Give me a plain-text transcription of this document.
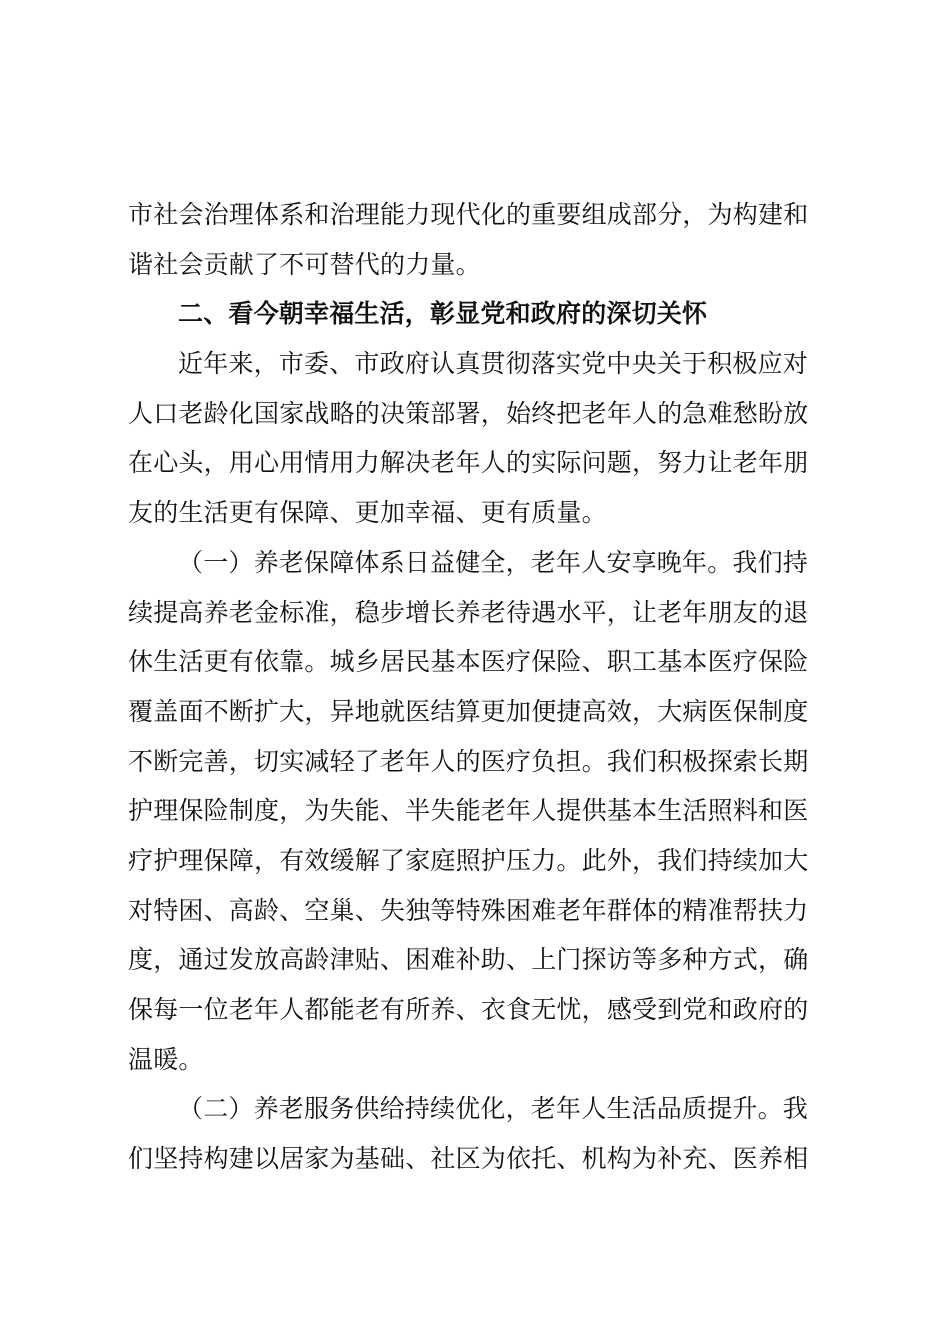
市社会治理体系和治理能力现代化的重要组成部分，为构建和
谐社会贡献了不可替代的力量。

二、看今朝幸福生活，彰显党和政府的深切关怀

近年来，市委、市政府认真贯彻落实党中央关于积极应对
人口老龄化国家战略的决策部署，始终把老年人的急难愁盼放
在心头，用心用情用力解决老年人的实际问题，努力让老年朋
友的生活更有保障、更加幸福、更有质量。

（一）养老保障体系日益健全，老年人安享晚年。我们持
续提高养老金标准，稳步增长养老待遇水平，让老年朋友的退
休生活更有依靠。城乡居民基本医疗保险、职工基本医疗保险
覆盖面不断扩大，异地就医结算更加便捷高效，大病医保制度
不断完善，切实减轻了老年人的医疗负担。我们积极探索长期
护理保险制度，为失能、半失能老年人提供基本生活照料和医
疗护理保障，有效缓解了家庭照护压力。此外，我们持续加大
对特困、高龄、空巢、失独等特殊困难老年群体的精准帮扶力
度，通过发放高龄津贴、困难补助、上门探访等多种方式，确
保每一位老年人都能老有所养、衣食无忧，感受到党和政府的
温暖。

（二）养老服务供给持续优化，老年人生活品质提升。我
们坚持构建以居家为基础、社区为依托、机构为补充、医养相
